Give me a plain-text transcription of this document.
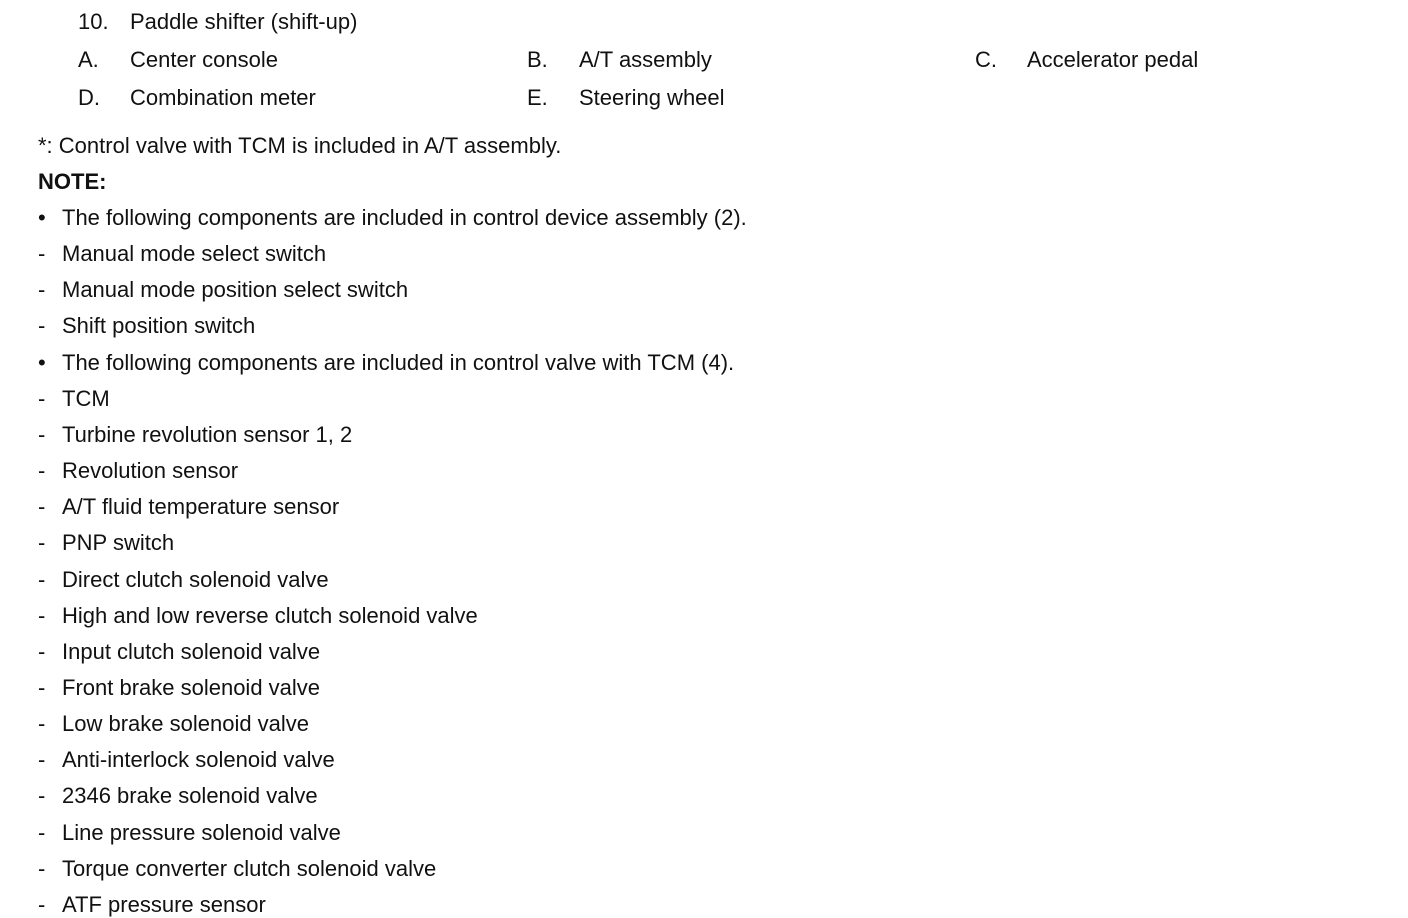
10. Paddle shifter (shift-up)
A. Center console	B. A/T assembly	C. Accelerator pedal
D. Combination meter	E. Steering wheel
*: Control valve with TCM is included in A/T assembly.
NOTE:
• The following components are included in control device assembly (2).
- Manual mode select switch
- Manual mode position select switch
- Shift position switch
• The following components are included in control valve with TCM (4).
- TCM
- Turbine revolution sensor 1, 2
- Revolution sensor
- A/T fluid temperature sensor
- PNP switch
- Direct clutch solenoid valve
- High and low reverse clutch solenoid valve
- Input clutch solenoid valve
- Front brake solenoid valve
- Low brake solenoid valve
- Anti-interlock solenoid valve
- 2346 brake solenoid valve
- Line pressure solenoid valve
- Torque converter clutch solenoid valve
- ATF pressure sensor
